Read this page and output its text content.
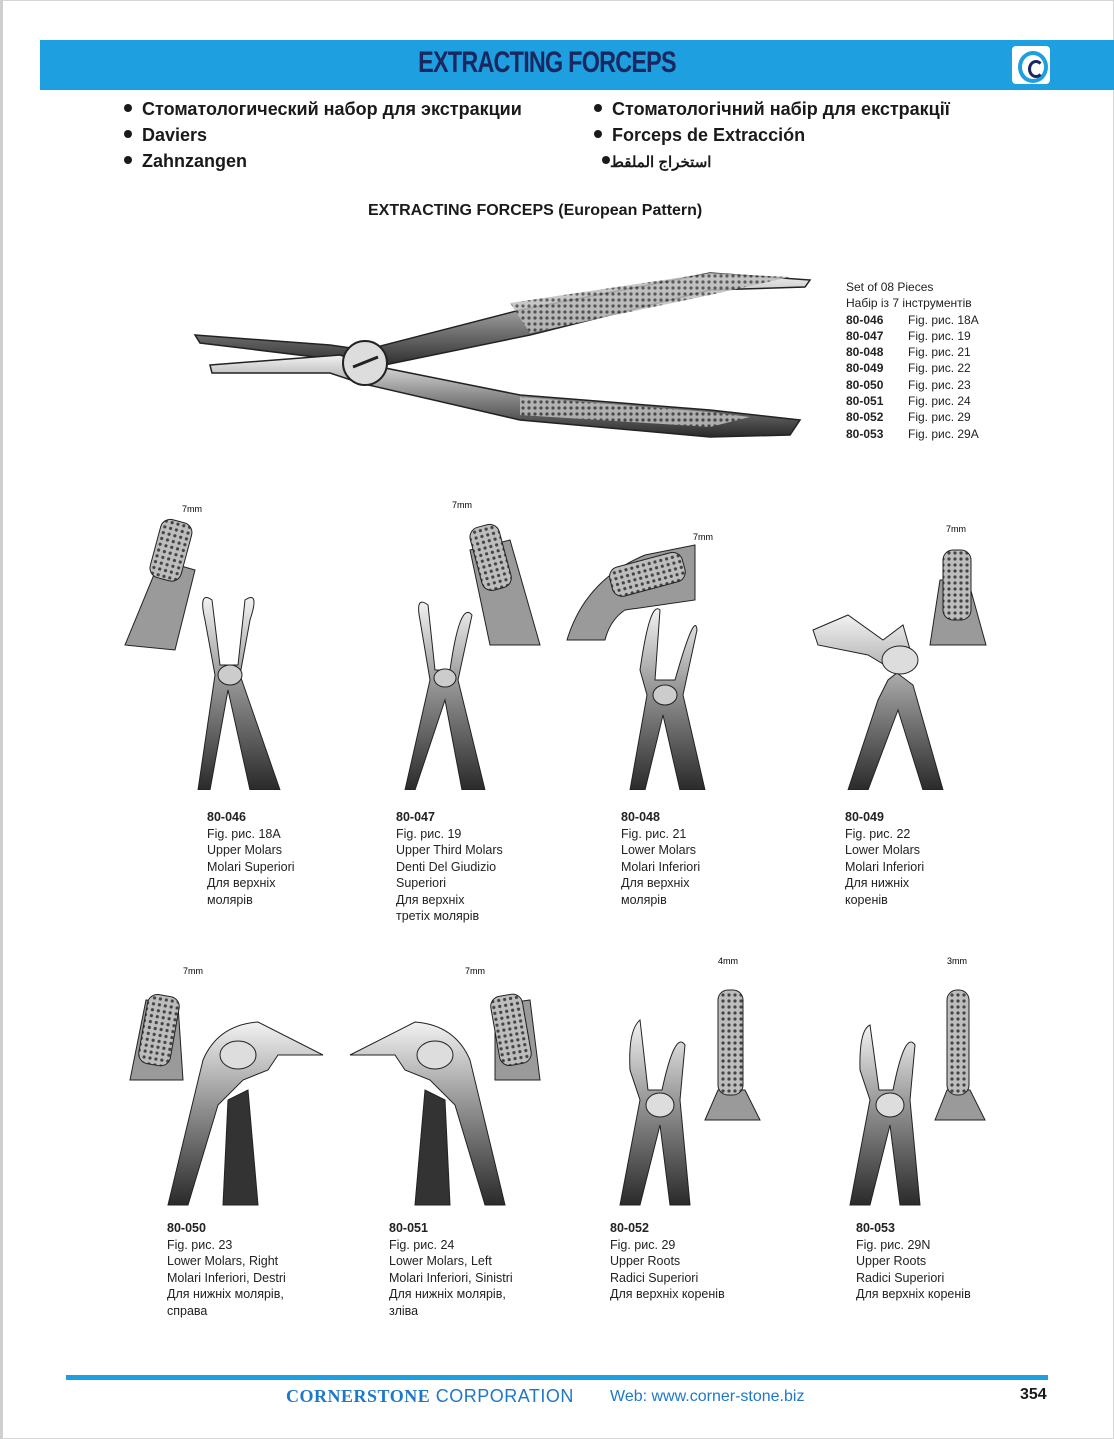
EXTRACTING FORCEPS
Стоматологический набор для экстракции
Daviers
Zahnzangen
Стоматологічний набір для екстракції
Forceps de Extracción
استخراج الملقط
EXTRACTING FORCEPS (European Pattern)
Set of 08 Pieces
Набір із 7 інструментів
80-046 Fig. рис. 18A
80-047 Fig. рис. 19
80-048 Fig. рис. 21
80-049 Fig. рис. 22
80-050 Fig. рис. 23
80-051 Fig. рис. 24
80-052 Fig. рис. 29
80-053 Fig. рис. 29A
7mm	7mm
7mm
7mm
80-046
Fig. рис. 18A
Upper Molars
Molari Superiori
Для верхніх
молярів
80-047
Fig. рис. 19
Upper Third Molars
Denti Del Giudizio
Superiori
Для верхніх
третіх молярів
80-048
Fig. рис. 21
Lower Molars
Molari Inferiori
Для верхніх
молярів
80-049
Fig. рис. 22
Lower Molars
Molari Inferiori
Для нижніх
коренів
7mm	7mm
4mm	3mm
80-050
Fig. рис. 23
Lower Molars, Right
Molari Inferiori, Destri
Для нижніх молярів,
справа
80-051
Fig. рис. 24
Lower Molars, Left
Molari Inferiori, Sinistri
Для нижніх молярів,
зліва
80-052
Fig. рис. 29
Upper Roots
Radici Superiori
Для верхніх коренів
80-053
Fig. рис. 29N
Upper Roots
Radici Superiori
Для верхніх коренів
CORNERSTONE CORPORATION Web: www.corner-stone.biz	354
